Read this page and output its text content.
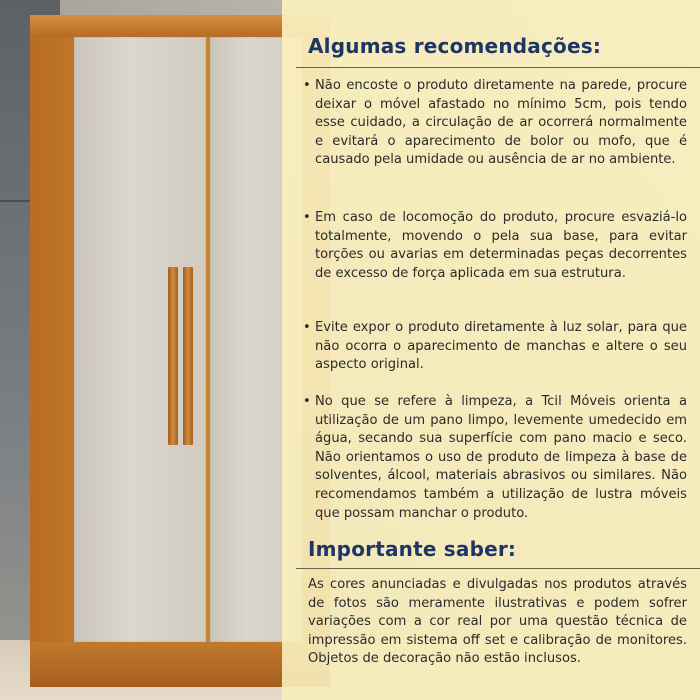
Algumas recomendações:
• Não encoste o produto diretamente na parede, procure deixar o móvel afastado no mínimo 5cm, pois tendo esse cuidado, a circulação de ar ocorrerá normalmente e evitará o aparecimento de bolor ou mofo, que é causado pela umidade ou ausência de ar no ambiente.
• Em caso de locomoção do produto, procure esvaziá-lo totalmente, movendo o pela sua base, para evitar torções ou avarias em determinadas peças decorrentes de excesso de força aplicada em sua estrutura.
• Evite expor o produto diretamente à luz solar, para que não ocorra o aparecimento de manchas e altere o seu aspecto original.
• No que se refere à limpeza, a Tcil Móveis orienta a utilização de um pano limpo, levemente umedecido em água, secando sua superfície com pano macio e seco. Não orientamos o uso de produto de limpeza à base de solventes, álcool, materiais abrasivos ou similares. Não recomendamos também a utilização de lustra móveis que possam manchar o produto.
Importante saber:
As cores anunciadas e divulgadas nos produtos através de fotos são meramente ilustrativas e podem sofrer variações com a cor real por uma questão técnica de impressão em sistema off set e calibração de monitores. Objetos de decoração não estão inclusos.
